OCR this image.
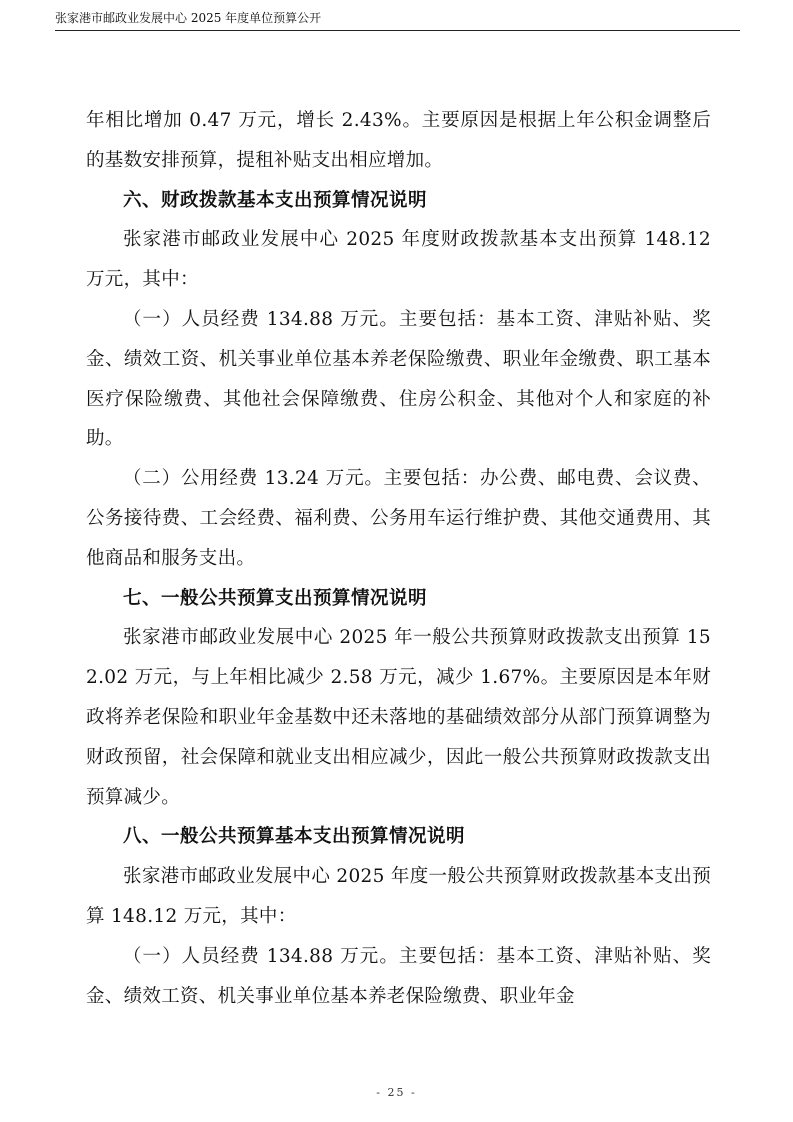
张家港市邮政业发展中心 2025 年度单位预算公开

年相比增加 0.47 万元，增长 2.43%。主要原因是根据上年公积金调整后的基数安排预算，提租补贴支出相应增加。

六、财政拨款基本支出预算情况说明

张家港市邮政业发展中心 2025 年度财政拨款基本支出预算 148.12 万元，其中：

（一）人员经费 134.88 万元。主要包括：基本工资、津贴补贴、奖金、绩效工资、机关事业单位基本养老保险缴费、职业年金缴费、职工基本医疗保险缴费、其他社会保障缴费、住房公积金、其他对个人和家庭的补助。

（二）公用经费 13.24 万元。主要包括：办公费、邮电费、会议费、公务接待费、工会经费、福利费、公务用车运行维护费、其他交通费用、其他商品和服务支出。

七、一般公共预算支出预算情况说明

张家港市邮政业发展中心 2025 年一般公共预算财政拨款支出预算 152.02 万元，与上年相比减少 2.58 万元，减少 1.67%。主要原因是本年财政将养老保险和职业年金基数中还未落地的基础绩效部分从部门预算调整为财政预留，社会保障和就业支出相应减少，因此一般公共预算财政拨款支出预算减少。

八、一般公共预算基本支出预算情况说明

张家港市邮政业发展中心 2025 年度一般公共预算财政拨款基本支出预算 148.12 万元，其中：

（一）人员经费 134.88 万元。主要包括：基本工资、津贴补贴、奖金、绩效工资、机关事业单位基本养老保险缴费、职业年金

- 25 -
